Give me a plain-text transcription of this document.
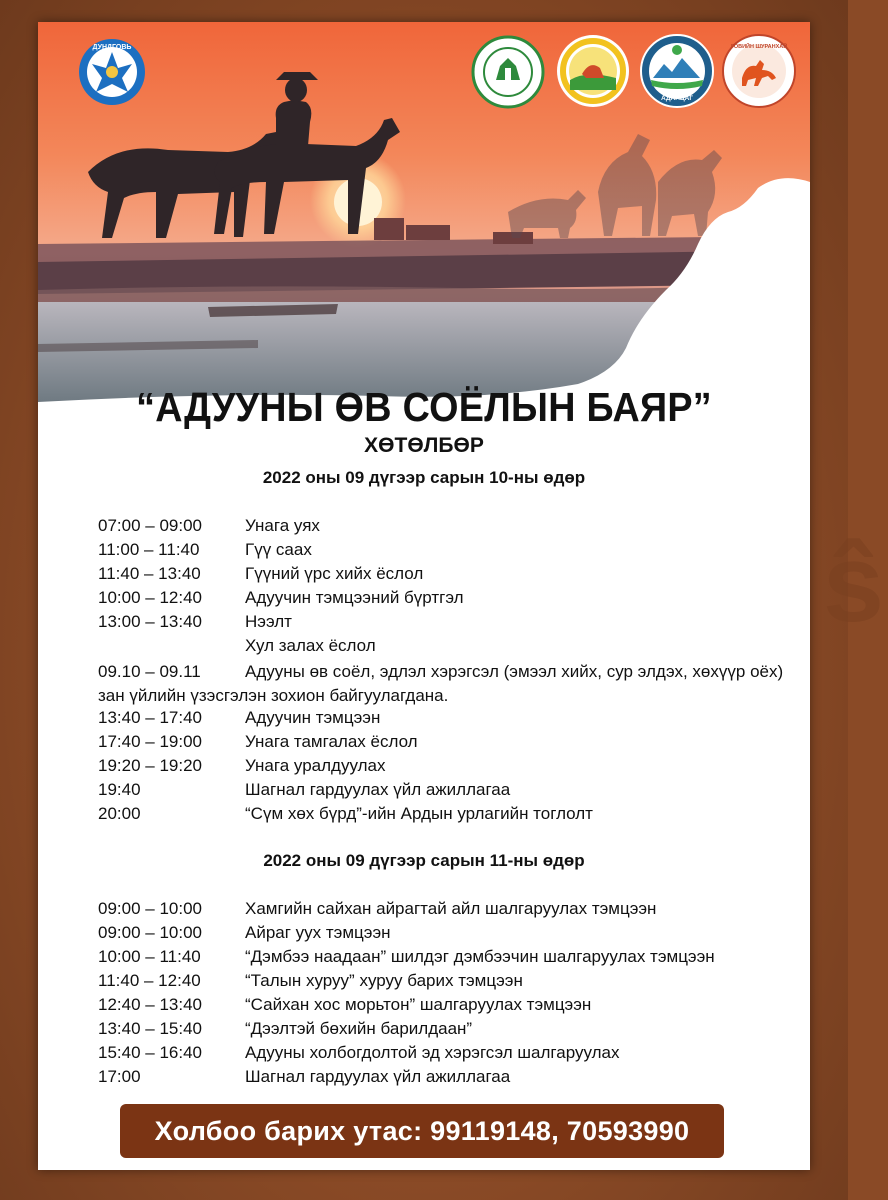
ŝ
ДУНДГОВЬ
АДААЦАГ
ГОВИЙН ШУРАНХАЙ
“АДУУНЫ ӨВ СОЁЛЫН БАЯР”
ХӨТӨЛБӨР
2022 оны 09 дүгээр сарын 10-ны өдөр
07:00 – 09:00	Унага уях
11:00 – 11:40	Гүү саах
11:40 – 13:40	Гүүний үрс хийх ёслол
10:00 – 12:40	Адуучин тэмцээний бүртгэл
13:00 – 13:40	Нээлт
Хул залах ёслол
09.10 – 09.11	Адууны өв соёл, эдлэл хэрэгсэл (эмээл хийх, сур элдэх, хөхүүр оёх) зан үйлийн үзэсгэлэн зохион байгуулагдана.
13:40 – 17:40	Адуучин тэмцээн
17:40 – 19:00	Унага тамгалах ёслол
19:20 – 19:20	Унага уралдуулах
19:40	Шагнал гардуулах үйл ажиллагаа
20:00	“Сүм хөх бүрд”-ийн Ардын урлагийн тоглолт
2022 оны 09 дүгээр сарын 11-ны өдөр
09:00 – 10:00	Хамгийн сайхан айрагтай айл шалгаруулах тэмцээн
09:00 – 10:00	Айраг уух тэмцээн
10:00 – 11:40	“Дэмбээ наадаан” шилдэг дэмбээчин шалгаруулах тэмцээн
11:40 – 12:40	“Талын хуруу” хуруу барих тэмцээн
12:40 – 13:40	“Сайхан хос морьтон” шалгаруулах тэмцээн
13:40 – 15:40	“Дээлтэй бөхийн барилдаан”
15:40 – 16:40	Адууны холбогдолтой эд хэрэгсэл шалгаруулах
17:00	Шагнал гардуулах үйл ажиллагаа
Холбоо барих утас: 99119148, 70593990
